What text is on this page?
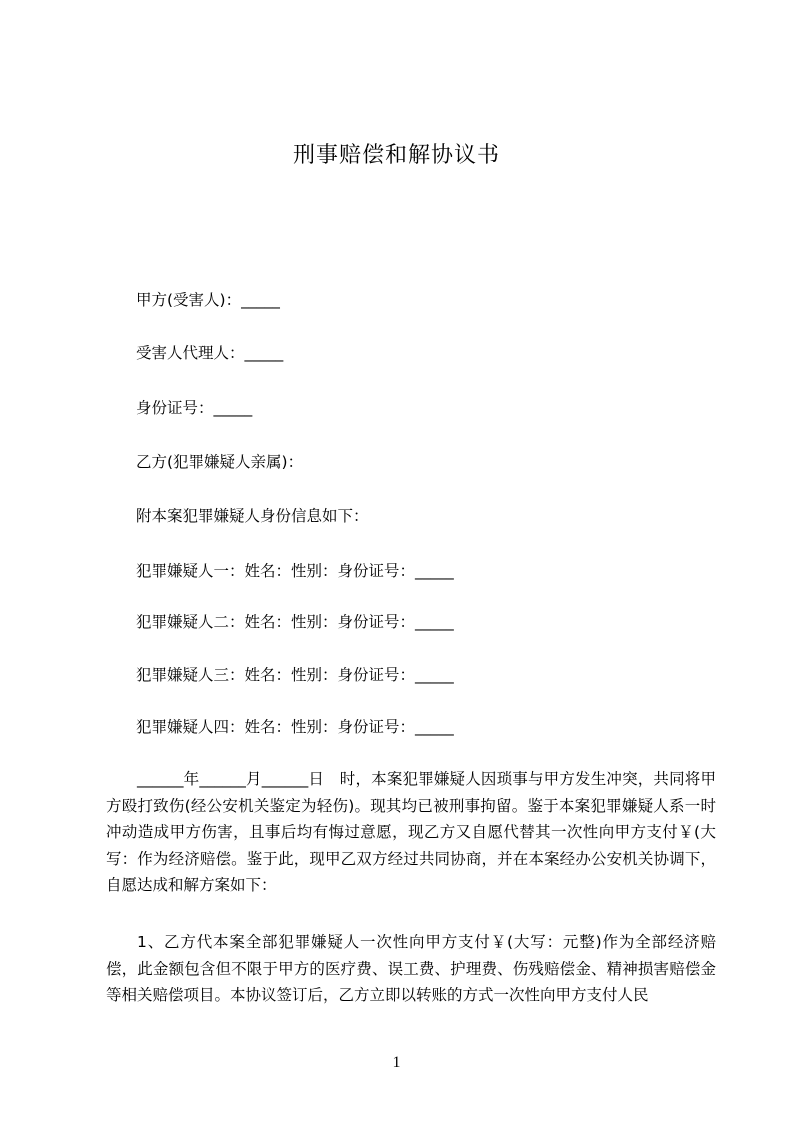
刑事赔偿和解协议书
甲方(受害人)：_____
受害人代理人：_____
身份证号：_____
乙方(犯罪嫌疑人亲属)：
附本案犯罪嫌疑人身份信息如下：
犯罪嫌疑人一：姓名：性别：身份证号：_____
犯罪嫌疑人二：姓名：性别：身份证号：_____
犯罪嫌疑人三：姓名：性别：身份证号：_____
犯罪嫌疑人四：姓名：性别：身份证号：_____

______年______月______日　时，本案犯罪嫌疑人因琐事与甲方发生冲突，共同将甲方殴打致伤(经公安机关鉴定为轻伤)。现其均已被刑事拘留。鉴于本案犯罪嫌疑人系一时冲动造成甲方伤害，且事后均有悔过意愿，现乙方又自愿代替其一次性向甲方支付￥(大写：作为经济赔偿。鉴于此，现甲乙双方经过共同协商，并在本案经办公安机关协调下，自愿达成和解方案如下：

1、乙方代本案全部犯罪嫌疑人一次性向甲方支付￥(大写：元整)作为全部经济赔偿，此金额包含但不限于甲方的医疗费、误工费、护理费、伤残赔偿金、精神损害赔偿金等相关赔偿项目。本协议签订后，乙方立即以转账的方式一次性向甲方支付人民

1
